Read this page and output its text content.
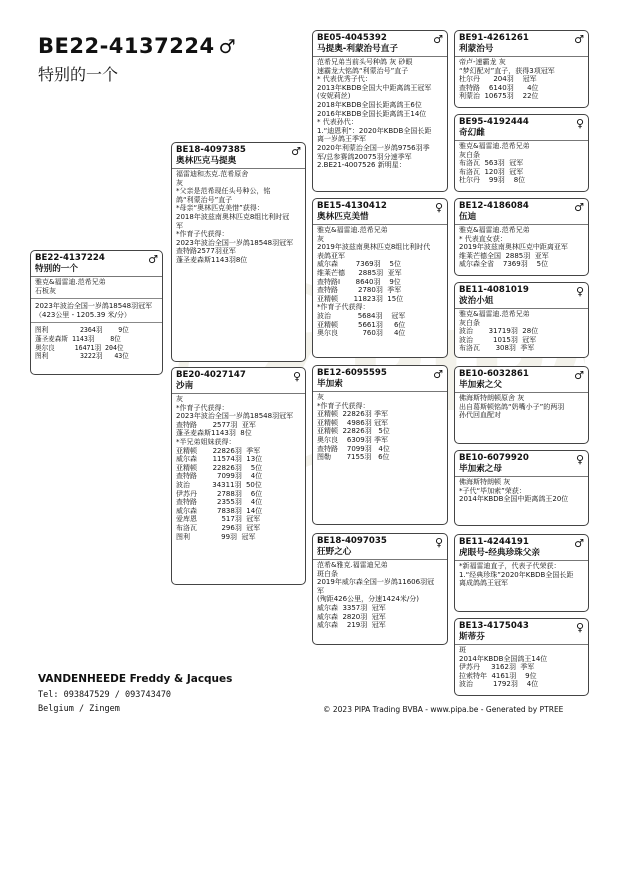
BE22-4137224 ♂
特别的一个
BE22-4137224
特别的一个
♂
雅克&福雷迪.范希兄弟
石板灰
2023年波治全国一岁鸽18548羽冠军
（423公里 - 1205.39 米/分）
图利        2364羽    9位
蓬圣麦森斯 1143羽    8位
奥尔良     16471羽 204位
图利        3222羽   43位
BE18-4097385
奥林匹克马提奥
♂
福雷迪和杰克.范希原舍
灰
*父亲是范希现任头号种公，铭
鸽“利蒙治号”直子
*母亲“奥林匹克美惜”获得：
2018年波兹南奥林匹克8组比利时冠
军
*作育子代获得：
2023年波治全国一岁鸽18548羽冠军
查特路2577羽亚军
蓬圣麦森斯1143羽8位
BE20-4027147
沙南
♀
灰
*作育子代获得：
2023年波治全国一岁鸽18548羽冠军
查特路       2577羽  亚军
蓬圣麦森斯1143羽  8位
*半兄弟姐妹获得：
亚精顿       22826羽  季军
威尔森       11574羽  13位
亚精顿       22826羽    5位
查特路         7099羽    4位
波治          34311羽  50位
伊苏丹         2788羽    6位
查特路         2355羽    4位
威尔森         7838羽  14位
爱库恩           517羽  冠军
布洛瓦           296羽  冠军
图利              99羽  冠军
BE05-4045392
马提奥-利蒙治号直子
♂
范希兄弟当前头号种鸽 灰 砂眼
速霸龙大铭鸽“利蒙治号”直子
* 代表优秀子代：
2013年KBDB全国大中距离鸽王冠军
(安妮莉丝)
2018年KBDB全国长距离鸽王6位
2016年KBDB全国长距离鸽王14位
* 代表孙代：
1.“迪恩利”：2020年KBDB全国长距
离一岁鸽王季军
2020年利蒙治全国一岁鸽9756羽季
军/总参赛鸽20075羽分速季军
2.BE21-4007526 新明星：
BE15-4130412
奥林匹克美惜
♀
雅克&福雷迪.范希兄弟
灰
2019年波兹南奥林匹克8组比利时代
表鸽亚军
威尔森        7369羽    5位
维莱芒德      2885羽  亚军
查特路I       8640羽    9位
查特路         2780羽  季军
亚精顿       11823羽  15位
*作育子代获得：
波治            5684羽    冠军
亚精顿         5661羽     6位
奥尔良           760羽     4位
BE12-6095595
毕加索
♂
灰
*作育子代获得：
亚精顿  22826羽 季军
亚精顿    4986羽 冠军
亚精顿  22826羽   5位
奥尔良    6309羽 季军
查特路    7099羽   4位
图勒       7155羽   6位
BE18-4097035
狂野之心
♀
范希&雅克.福雷迪兄弟
斑白条
2019年威尔森全国一岁鸽11606羽冠
军
(殉距426公里，分速1424米/分)
威尔森  3357羽  冠军
威尔森  2820羽  冠军
威尔森    219羽  冠军
BE91-4261261
利蒙治号
♂
帝卢-速霸龙 灰
“梦幻配对”直子，获得3项冠军
杜尔丹      204羽    冠军
查特路    6140羽      4位
利蒙治  10675羽    22位
BE95-4192444
奇幻雌
♀
雅克&福雷迪.范希兄弟
灰白条
布洛瓦  563羽  冠军
布洛瓦  120羽  冠军
杜尔丹    99羽    8位
BE12-4186084
伍迪
♂
雅克&福雷迪.范希兄弟
* 代表直女获：
2019年波兹南奥林匹克中距离亚军
维莱芒德全国  2885羽  亚军
威尔森全省    7369羽    5位
BE11-4081019
波治小姐
♀
雅克&福雷迪.范希兄弟
灰白条
波治       31719羽  28位
波治         1015羽  冠军
布洛瓦       308羽  季军
BE10-6032861
毕加索之父
♂
佛海斯特朗顿原舍 灰
出自葛斯顿铭鸽“奶嘴小子”的两羽
孙代回血配对
BE10-6079920
毕加索之母
♀
佛海斯特朗顿 灰
*子代“毕加索”荣获：
2014年KBDB全国中距离鸽王20位
BE11-4244191
虎眼号-经典珍珠父亲
♂
*新福雷迪直子，代表子代荣获：
1.“经典珍珠”2020年KBDB全国长距
离成鸽鸽王冠军
BE13-4175043
斯蒂芬
♀
斑
2014年KBDB全国鸽王14位
伊苏丹     3162羽  季军
拉索特年  4161羽    9位
波治         1792羽    4位
VANDENHEEDE Freddy & Jacques
Tel: 093847529 / 093743470
Belgium / Zingem	© 2023 PIPA Trading BVBA - www.pipa.be - Generated by PTREE
